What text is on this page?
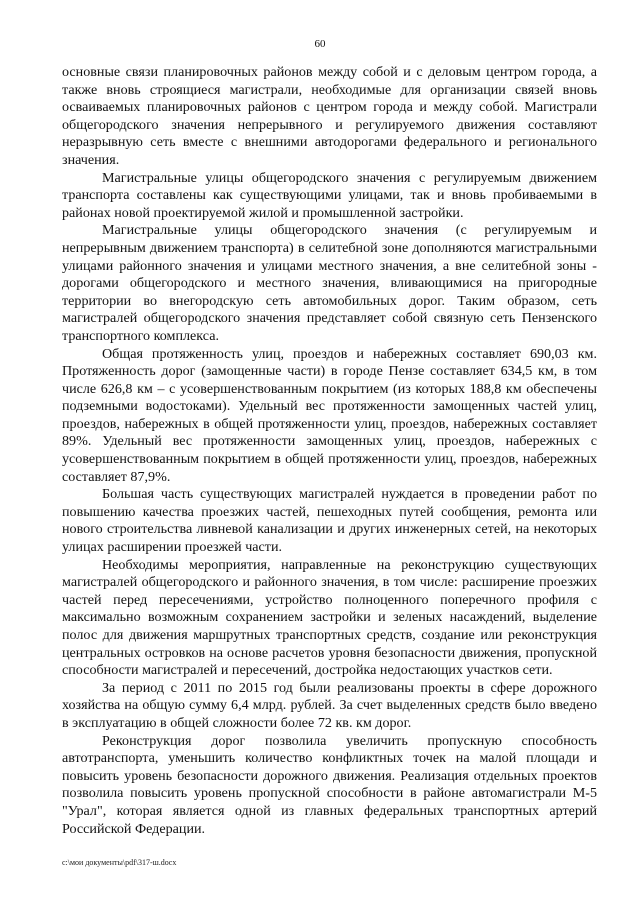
60

основные связи планировочных районов между собой и с деловым центром города, а также вновь строящиеся магистрали, необходимые для организации связей вновь осваиваемых планировочных районов с центром города и между собой. Магистрали общегородского значения непрерывного и регулируемого движения составляют неразрывную сеть вместе с внешними автодорогами федерального и регионального значения.

Магистральные улицы общегородского значения с регулируемым движением транспорта составлены как существующими улицами, так и вновь пробиваемыми в районах новой проектируемой жилой и промышленной застройки.

Магистральные улицы общегородского значения (с регулируемым и непрерывным движением транспорта) в селитебной зоне дополняются магистральными улицами районного значения и улицами местного значения, а вне селитебной зоны - дорогами общегородского и местного значения, вливающимися на пригородные территории во внегородскую сеть автомобильных дорог. Таким образом, сеть магистралей общегородского значения представляет собой связную сеть Пензенского транспортного комплекса.

Общая протяженность улиц, проездов и набережных составляет 690,03 км. Протяженность дорог (замощенные части) в городе Пензе составляет 634,5 км, в том числе 626,8 км – с усовершенствованным покрытием (из которых 188,8 км обеспечены подземными водостоками). Удельный вес протяженности замощенных частей улиц, проездов, набережных в общей протяженности улиц, проездов, набережных составляет 89%. Удельный вес протяженности замощенных улиц, проездов, набережных с усовершенствованным покрытием в общей протяженности улиц, проездов, набережных составляет 87,9%.

Большая часть существующих магистралей нуждается в проведении работ по повышению качества проезжих частей, пешеходных путей сообщения, ремонта или нового строительства ливневой канализации и других инженерных сетей, на некоторых улицах расширении проезжей части.

Необходимы мероприятия, направленные на реконструкцию существующих магистралей общегородского и районного значения, в том числе: расширение проезжих частей перед пересечениями, устройство полноценного поперечного профиля с максимально возможным сохранением застройки и зеленых насаждений, выделение полос для движения маршрутных транспортных средств, создание или реконструкция центральных островков на основе расчетов уровня безопасности движения, пропускной способности магистралей и пересечений, достройка недостающих участков сети.

За период с 2011 по 2015 год были реализованы проекты в сфере дорожного хозяйства на общую сумму 6,4 млрд. рублей. За счет выделенных средств было введено в эксплуатацию в общей сложности более 72 кв. км дорог.

Реконструкция дорог позволила увеличить пропускную способность автотранспорта, уменьшить количество конфликтных точек на малой площади и повысить уровень безопасности дорожного движения. Реализация отдельных проектов позволила повысить уровень пропускной способности в районе автомагистрали М-5 "Урал", которая является одной из главных федеральных транспортных артерий Российской Федерации.

c:\мои документы\pdf\317-ш.docx
